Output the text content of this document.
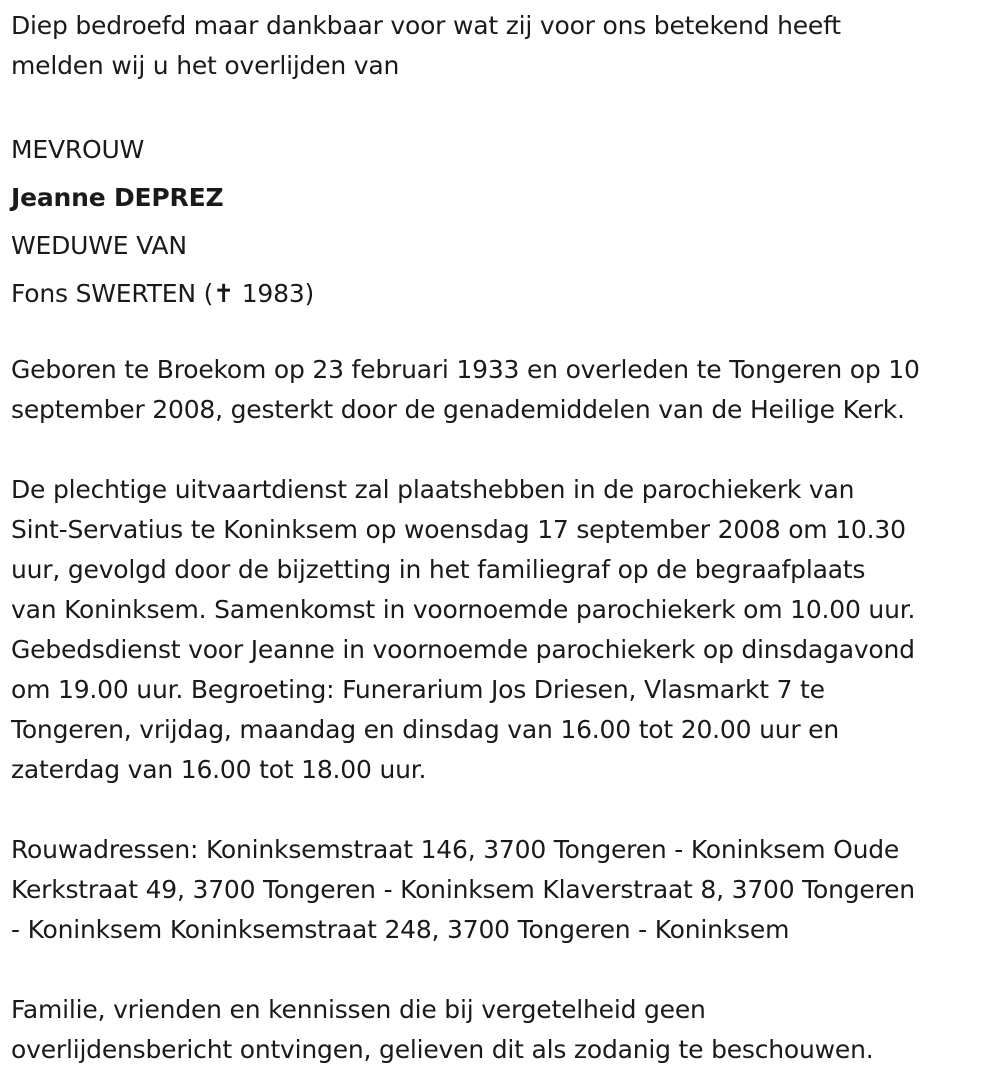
Diep bedroefd maar dankbaar voor wat zij voor ons betekend heeft
melden wij u het overlijden van
MEVROUW
Jeanne DEPREZ
WEDUWE VAN
Fons SWERTEN (✝ 1983)
Geboren te Broekom op 23 februari 1933 en overleden te Tongeren op 10
september 2008, gesterkt door de genademiddelen van de Heilige Kerk.
De plechtige uitvaartdienst zal plaatshebben in de parochiekerk van
Sint-Servatius te Koninksem op woensdag 17 september 2008 om 10.30
uur, gevolgd door de bijzetting in het familiegraf op de begraafplaats
van Koninksem. Samenkomst in voornoemde parochiekerk om 10.00 uur.
Gebedsdienst voor Jeanne in voornoemde parochiekerk op dinsdagavond
om 19.00 uur. Begroeting: Funerarium Jos Driesen, Vlasmarkt 7 te
Tongeren, vrijdag, maandag en dinsdag van 16.00 tot 20.00 uur en
zaterdag van 16.00 tot 18.00 uur.
Rouwadressen: Koninksemstraat 146, 3700 Tongeren - Koninksem Oude
Kerkstraat 49, 3700 Tongeren - Koninksem Klaverstraat 8, 3700 Tongeren
- Koninksem Koninksemstraat 248, 3700 Tongeren - Koninksem
Familie, vrienden en kennissen die bij vergetelheid geen
overlijdensbericht ontvingen, gelieven dit als zodanig te beschouwen.
